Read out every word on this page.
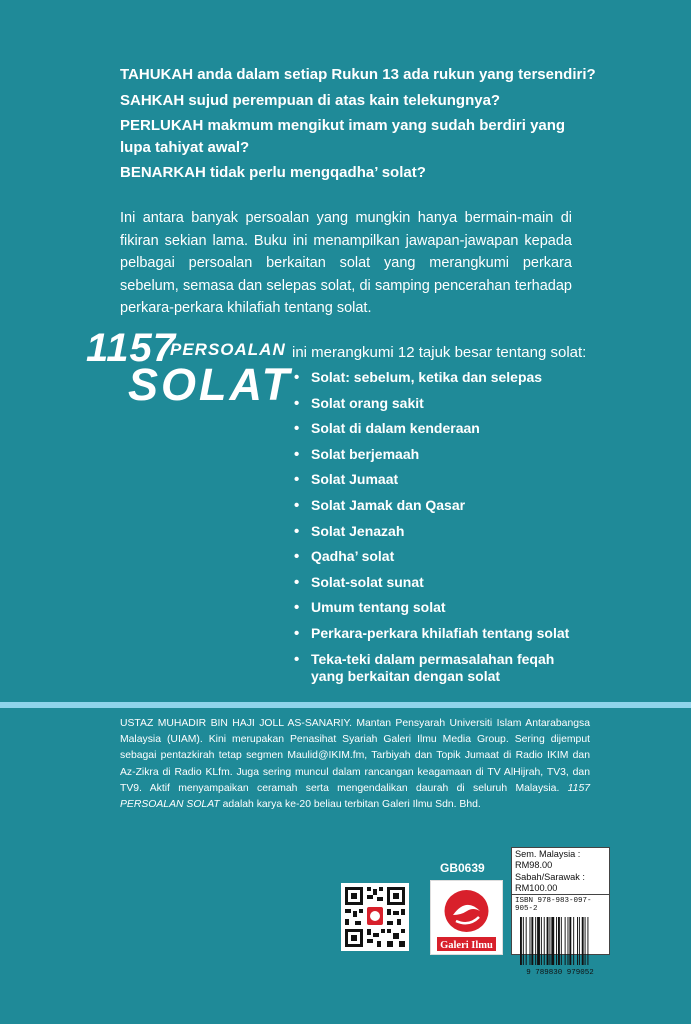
TAHUKAH anda dalam setiap Rukun 13 ada rukun yang tersendiri?
SAHKAH sujud perempuan di atas kain telekungnya?
PERLUKAH makmum mengikut imam yang sudah berdiri yang lupa tahiyat awal?
BENARKAH tidak perlu mengqadha’ solat?

Ini antara banyak persoalan yang mungkin hanya bermain-main di fikiran sekian lama. Buku ini menampilkan jawapan-jawapan kepada pelbagai persoalan berkaitan solat yang merangkumi perkara sebelum, semasa dan selepas solat, di samping pencerahan terhadap perkara-perkara khilafiah tentang solat.

1157
PERSOALAN
SOLAT
ini merangkumi 12 tajuk besar tentang solat:
• Solat: sebelum, ketika dan selepas
• Solat orang sakit
• Solat di dalam kenderaan
• Solat berjemaah
• Solat Jumaat
• Solat Jamak dan Qasar
• Solat Jenazah
• Qadha’ solat
• Solat-solat sunat
• Umum tentang solat
• Perkara-perkara khilafiah tentang solat
• Teka-teki dalam permasalahan feqah yang berkaitan dengan solat

USTAZ MUHADIR BIN HAJI JOLL AS-SANARIY. Mantan Pensyarah Universiti Islam Antarabangsa Malaysia (UIAM). Kini merupakan Penasihat Syariah Galeri Ilmu Media Group. Sering dijemput sebagai pentazkirah tetap segmen Maulid@IKIM.fm, Tarbiyah dan Topik Jumaat di Radio IKIM dan Az-Zikra di Radio KLfm. Juga sering muncul dalam rancangan keagamaan di TV AlHijrah, TV3, dan TV9. Aktif menyampaikan ceramah serta mengendalikan daurah di seluruh Malaysia. 1157 PERSOALAN SOLAT adalah karya ke-20 beliau terbitan Galeri Ilmu Sdn. Bhd.

GB0639
Galeri Ilmu
Sem. Malaysia : RM98.00
Sabah/Sarawak : RM100.00
ISBN 978-983-097-905-2
9 789830 979052
